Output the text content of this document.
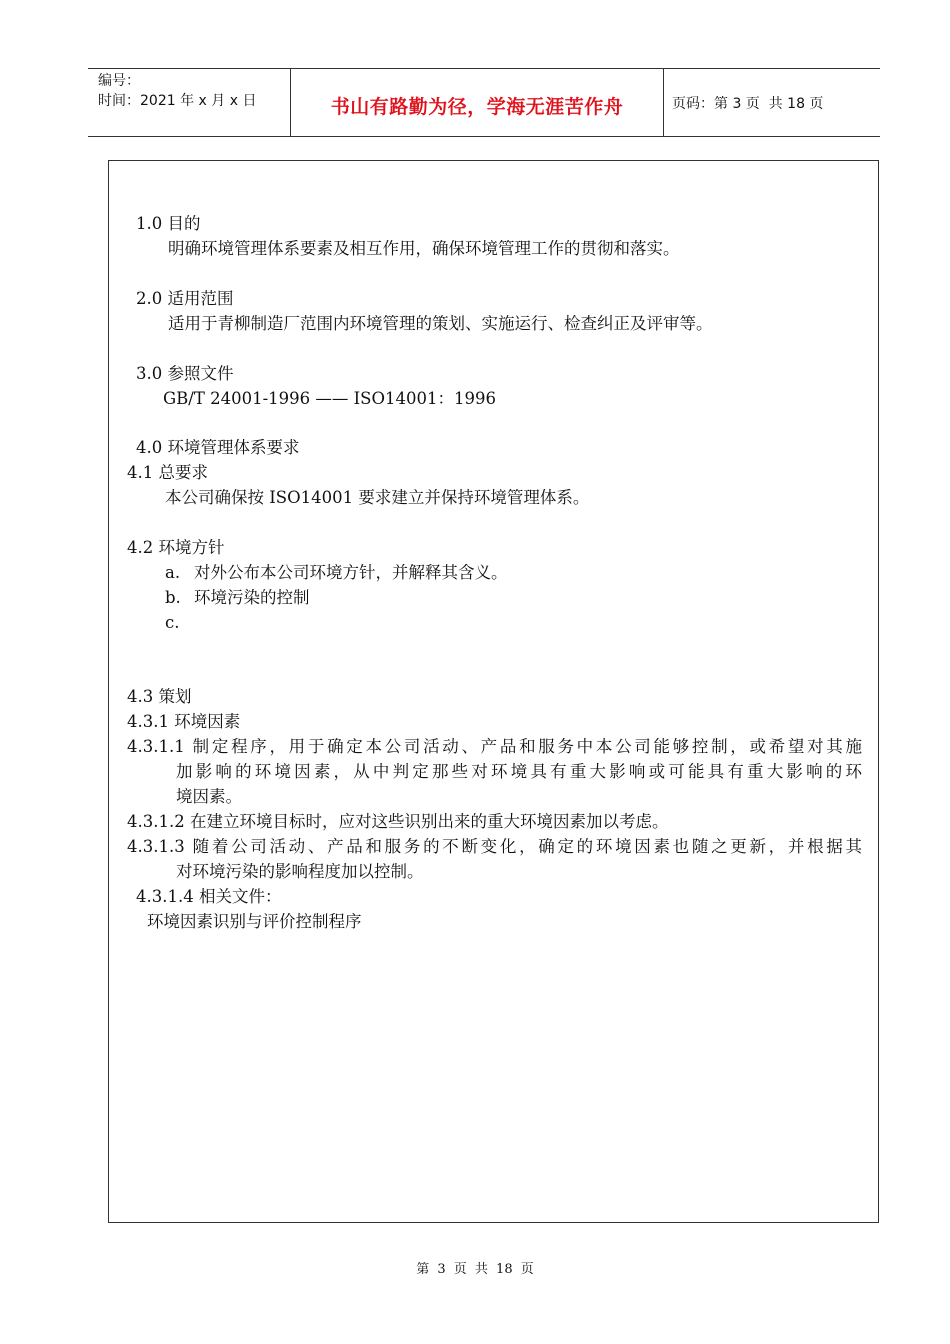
编号：
时间：2021 年 x 月 x 日	书山有路勤为径，学海无涯苦作舟	页码：第 3 页  共 18 页
1.0 目的
明确环境管理体系要素及相互作用，确保环境管理工作的贯彻和落实。
2.0 适用范围
适用于青柳制造厂范围内环境管理的策划、实施运行、检查纠正及评审等。
3.0 参照文件
GB/T 24001-1996 —— ISO14001：1996
4.0 环境管理体系要求
4.1 总要求
本公司确保按 ISO14001 要求建立并保持环境管理体系。
4.2 环境方针
a. 对外公布本公司环境方针，并解释其含义。
b. 环境污染的控制
c.
4.3 策划
4.3.1 环境因素
4.3.1.1 制定程序，用于确定本公司活动、产品和服务中本公司能够控制，或希望对其施
加影响的环境因素，从中判定那些对环境具有重大影响或可能具有重大影响的环
境因素。
4.3.1.2 在建立环境目标时，应对这些识别出来的重大环境因素加以考虑。
4.3.1.3 随着公司活动、产品和服务的不断变化，确定的环境因素也随之更新，并根据其
对环境污染的影响程度加以控制。
4.3.1.4 相关文件：
环境因素识别与评价控制程序
第 3 页 共 18 页
